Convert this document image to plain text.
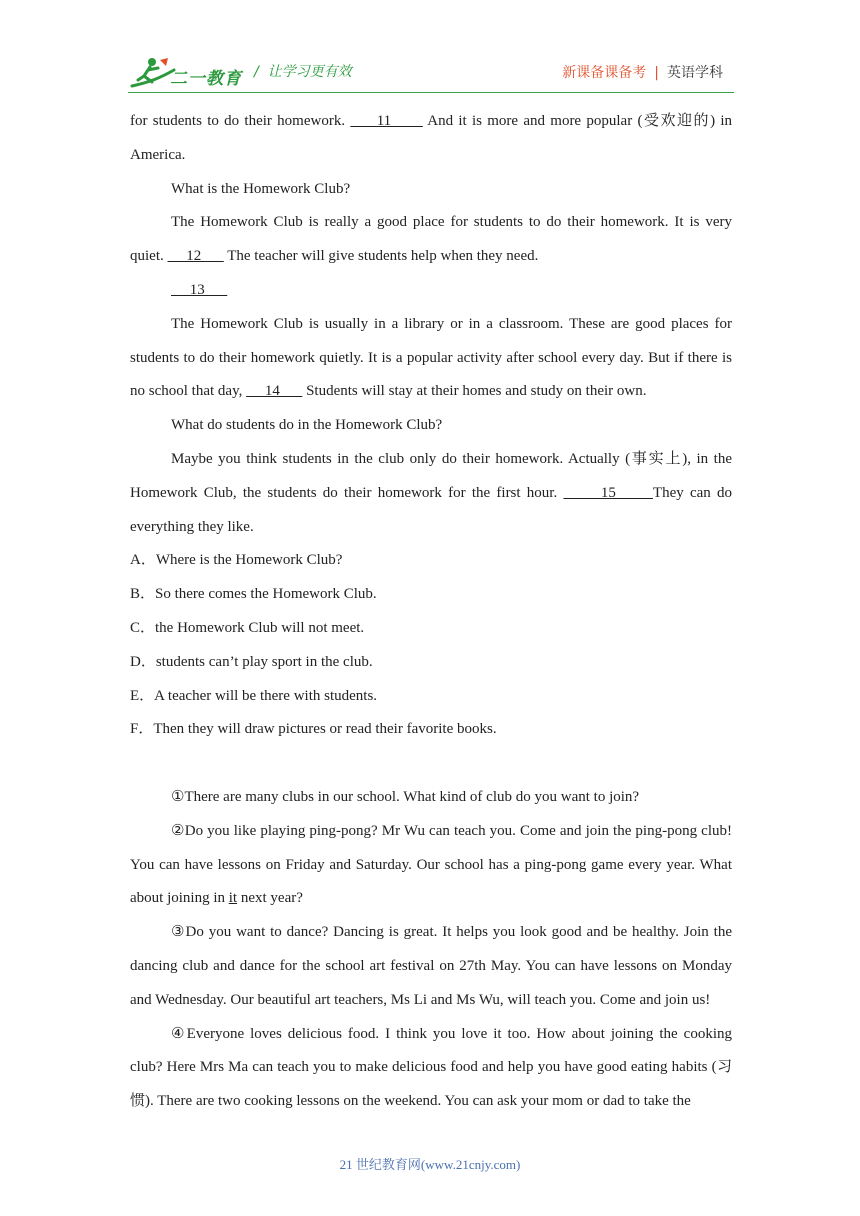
二一教育 /  让学习更有效	新课备课备考 | 英语学科

for students to do their homework.      11       And it is more and more popular (受欢迎的) in America.

What is the Homework Club?

The Homework Club is really a good place for students to do their homework. It is very quiet.      12       The teacher will give students help when they need.

13

The Homework Club is usually in a library or in a classroom. These are good places for students to do their homework quietly. It is a popular activity after school every day. But if there is no school that day,      14       Students will stay at their homes and study on their own.

What do students do in the Homework Club?

Maybe you think students in the club only do their homework. Actually (事实上), in the Homework Club, the students do their homework for the first hour.       15      They can do everything they like.

A．Where is the Homework Club?

B．So there comes the Homework Club.

C．the Homework Club will not meet.

D．students can’t play sport in the club.

E．A teacher will be there with students.

F．Then they will draw pictures or read their favorite books.

①There are many clubs in our school. What kind of club do you want to join?

②Do you like playing ping-pong? Mr Wu can teach you. Come and join the ping-pong club! You can have lessons on Friday and Saturday. Our school has a ping-pong game every year. What about joining in it next year?

③Do you want to dance? Dancing is great. It helps you look good and be healthy. Join the dancing club and dance for the school art festival on 27th May. You can have lessons on Monday and Wednesday. Our beautiful art teachers, Ms Li and Ms Wu, will teach you. Come and join us!

④Everyone loves delicious food. I think you love it too. How about joining the cooking club? Here Mrs Ma can teach you to make delicious food and help you have good eating habits (习惯). There are two cooking lessons on the weekend. You can ask your mom or dad to take the

21 世纪教育网(www.21cnjy.com)
